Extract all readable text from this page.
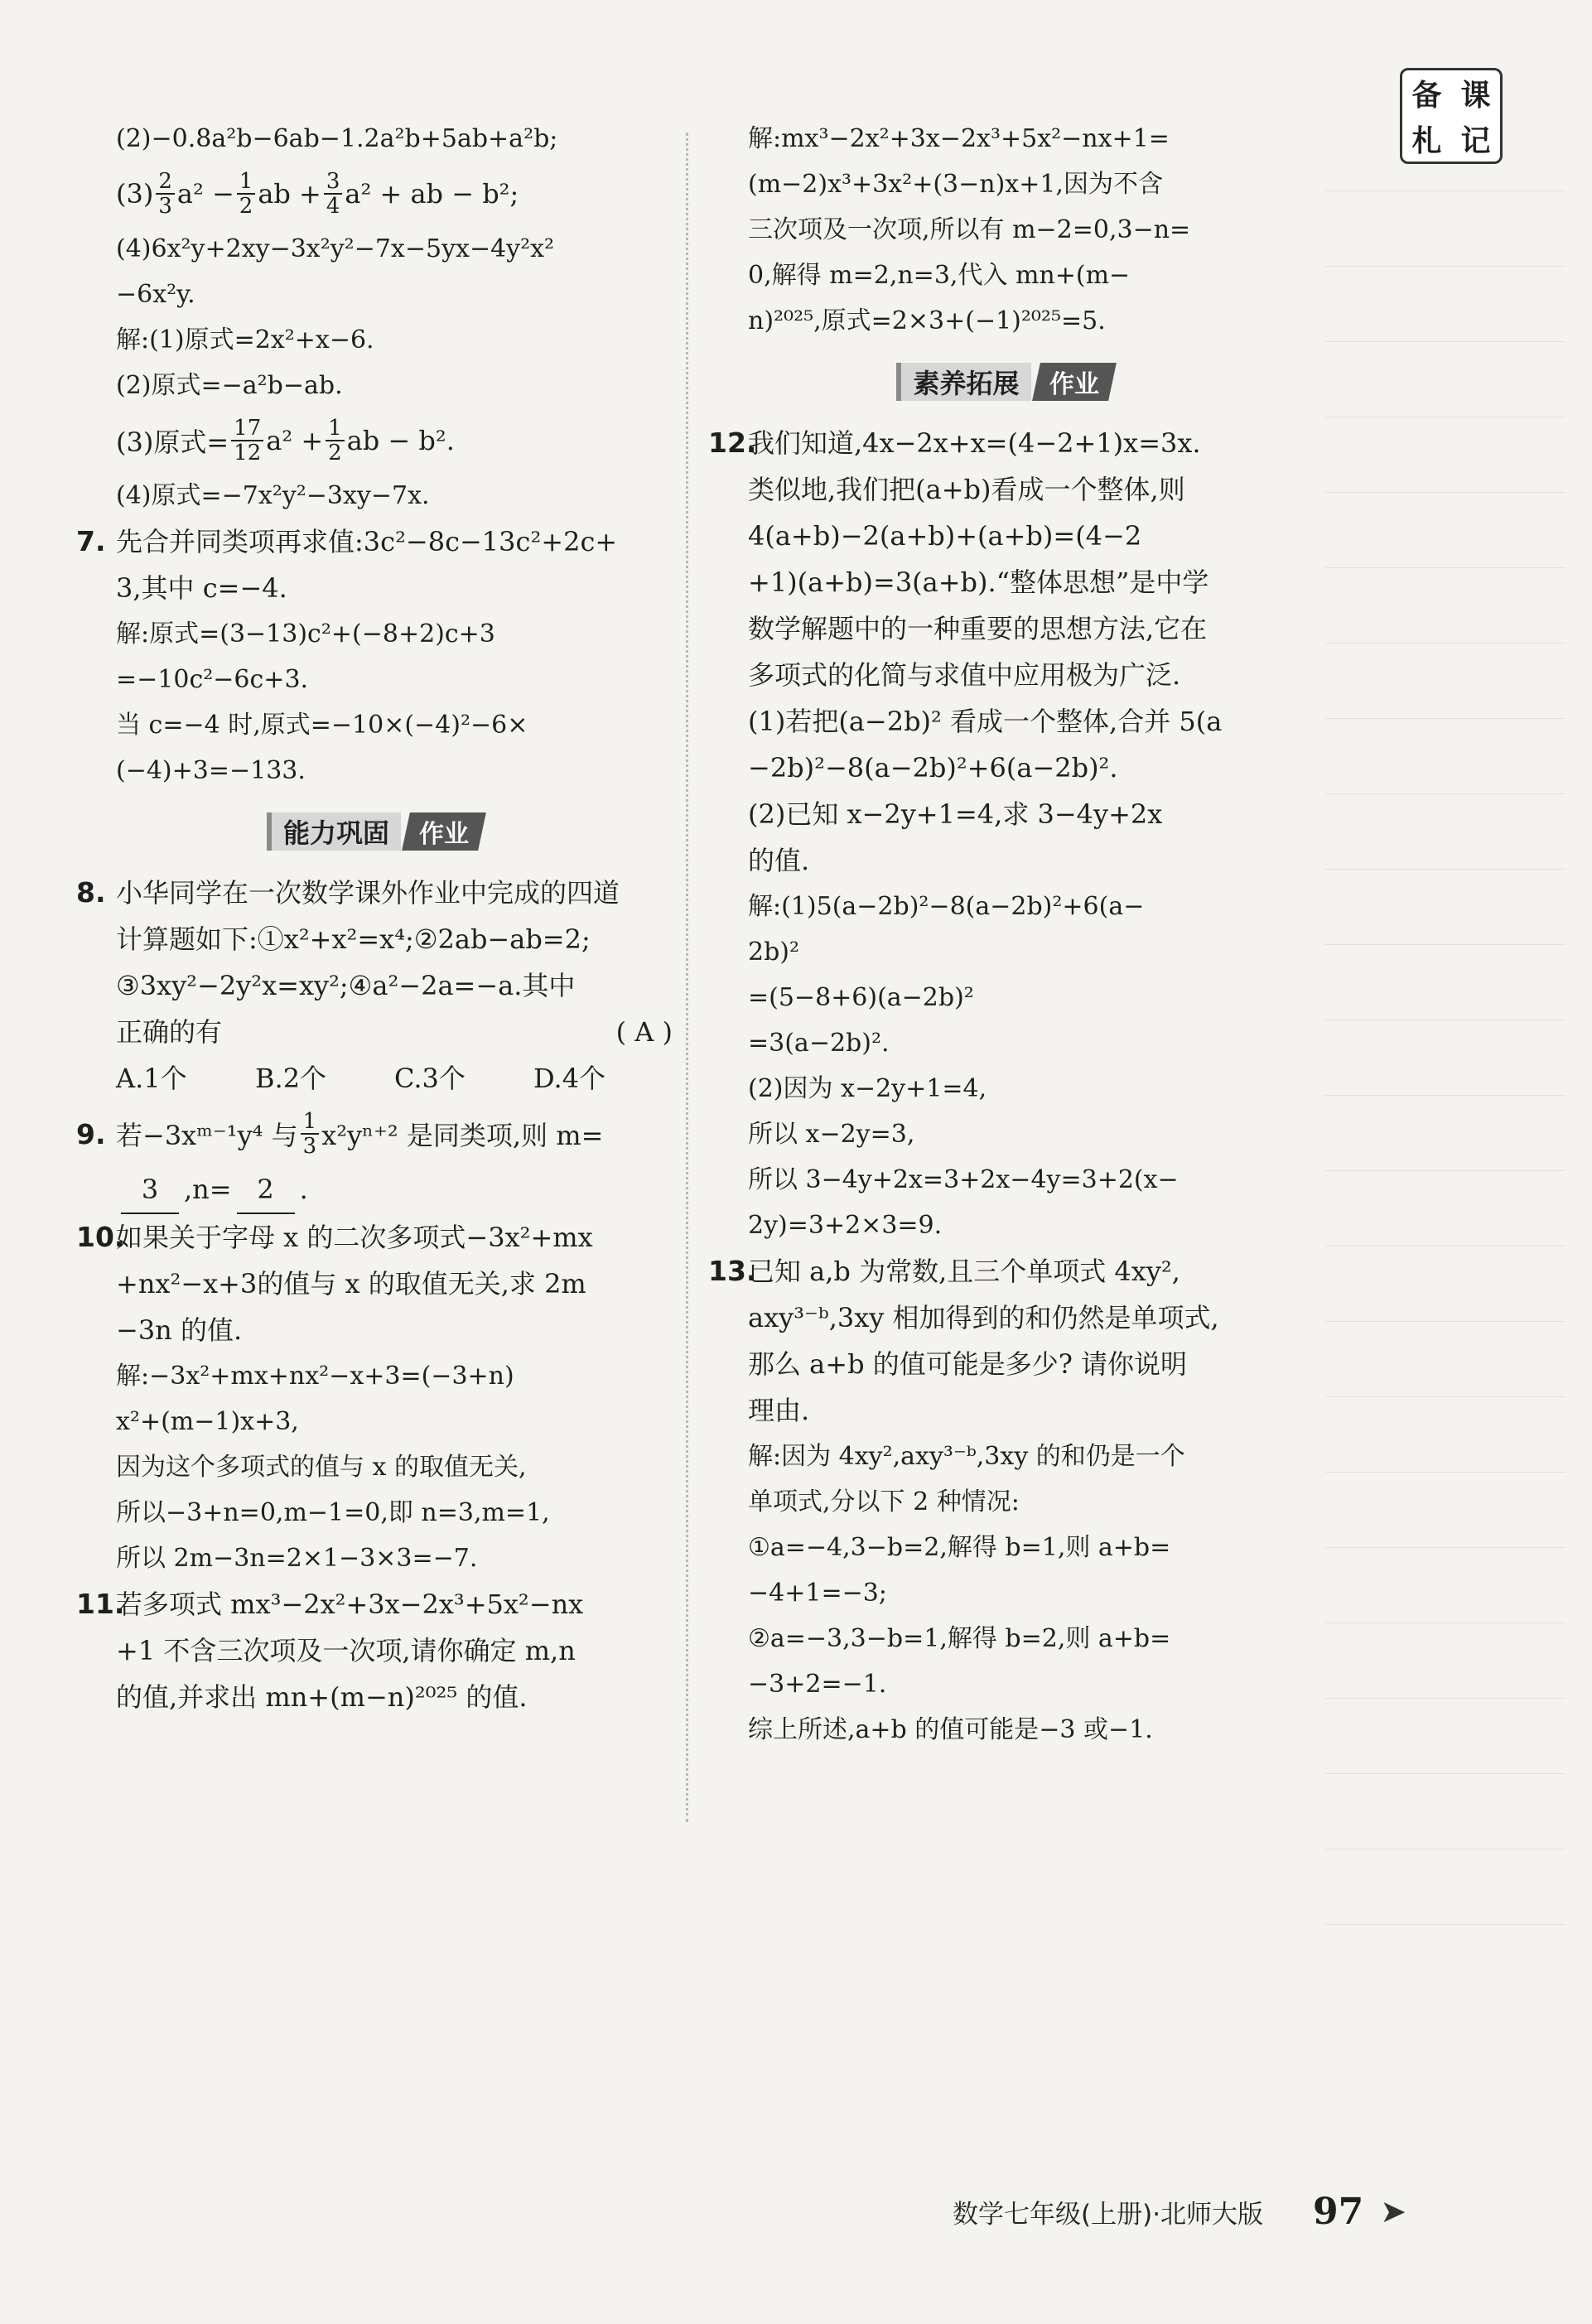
备 课
札 记
(2)−0.8a²b−6ab−1.2a²b+5ab+a²b;
$(3) \frac{2}{3} a^2 - \frac{1}{2}$ ab + $\frac{3}{4} a^2$ + ab − b²;
(4)6x²y+2xy−3x²y²−7x−5yx−4y²x²
−6x²y.
解:(1)原式=2x²+x−6.
(2)原式=−a²b−ab.
(3)原式= $\frac{17}{12} a^2 + \frac{1}{2}$ ab − b².
(4)原式=−7x²y²−3xy−7x.
7. 先合并同类项再求值:3c²−8c−13c²+2c+
3,其中 c=−4.
解:原式=(3−13)c²+(−8+2)c+3
=−10c²−6c+3.
当 c=−4 时,原式=−10×(−4)²−6×
(−4)+3=−133.
能力巩固	作业
8. 小华同学在一次数学课外作业中完成的四道
计算题如下:①x²+x²=x⁴;②2ab−ab=2;
③3xy²−2y²x=xy²;④a²−2a=−a.其中
正确的有	( A )
A.1个	B.2个	C.3个	D.4个
9. 若−3xᵐ⁻¹y⁴ 与 $\frac{1}{3} x^2y^{n+2}$ 是同类项,则 m=
3 ,n= 2 .
10.如果关于字母 x 的二次多项式−3x²+mx
+nx²−x+3的值与 x 的取值无关,求 2m
−3n 的值.
解:−3x²+mx+nx²−x+3=(−3+n)
x²+(m−1)x+3,
因为这个多项式的值与 x 的取值无关,
所以−3+n=0,m−1=0,即 n=3,m=1,
所以 2m−3n=2×1−3×3=−7.
11.若多项式 mx³−2x²+3x−2x³+5x²−nx
+1 不含三次项及一次项,请你确定 m,n
的值,并求出 mn+(m−n)²⁰²⁵ 的值.
解:mx³−2x²+3x−2x³+5x²−nx+1=
(m−2)x³+3x²+(3−n)x+1,因为不含
三次项及一次项,所以有 m−2=0,3−n=
0,解得 m=2,n=3,代入 mn+(m−
n)²⁰²⁵,原式=2×3+(−1)²⁰²⁵=5.
素养拓展	作业
12.我们知道,4x−2x+x=(4−2+1)x=3x.
类似地,我们把(a+b)看成一个整体,则
4(a+b)−2(a+b)+(a+b)=(4−2
+1)(a+b)=3(a+b).“整体思想”是中学
数学解题中的一种重要的思想方法,它在
多项式的化简与求值中应用极为广泛.
(1)若把(a−2b)² 看成一个整体,合并 5(a
−2b)²−8(a−2b)²+6(a−2b)².
(2)已知 x−2y+1=4,求 3−4y+2x
的值.
解:(1)5(a−2b)²−8(a−2b)²+6(a−
2b)²
=(5−8+6)(a−2b)²
=3(a−2b)².
(2)因为 x−2y+1=4,
所以 x−2y=3,
所以 3−4y+2x=3+2x−4y=3+2(x−
2y)=3+2×3=9.
13.已知 a,b 为常数,且三个单项式 4xy²,
axy³⁻ᵇ,3xy 相加得到的和仍然是单项式,
那么 a+b 的值可能是多少? 请你说明
理由.
解:因为 4xy²,axy³⁻ᵇ,3xy 的和仍是一个
单项式,分以下 2 种情况:
①a=−4,3−b=2,解得 b=1,则 a+b=
−4+1=−3;
②a=−3,3−b=1,解得 b=2,则 a+b=
−3+2=−1.
综上所述,a+b 的值可能是−3 或−1.
数学七年级(上册)·北师大版 97 ➤
